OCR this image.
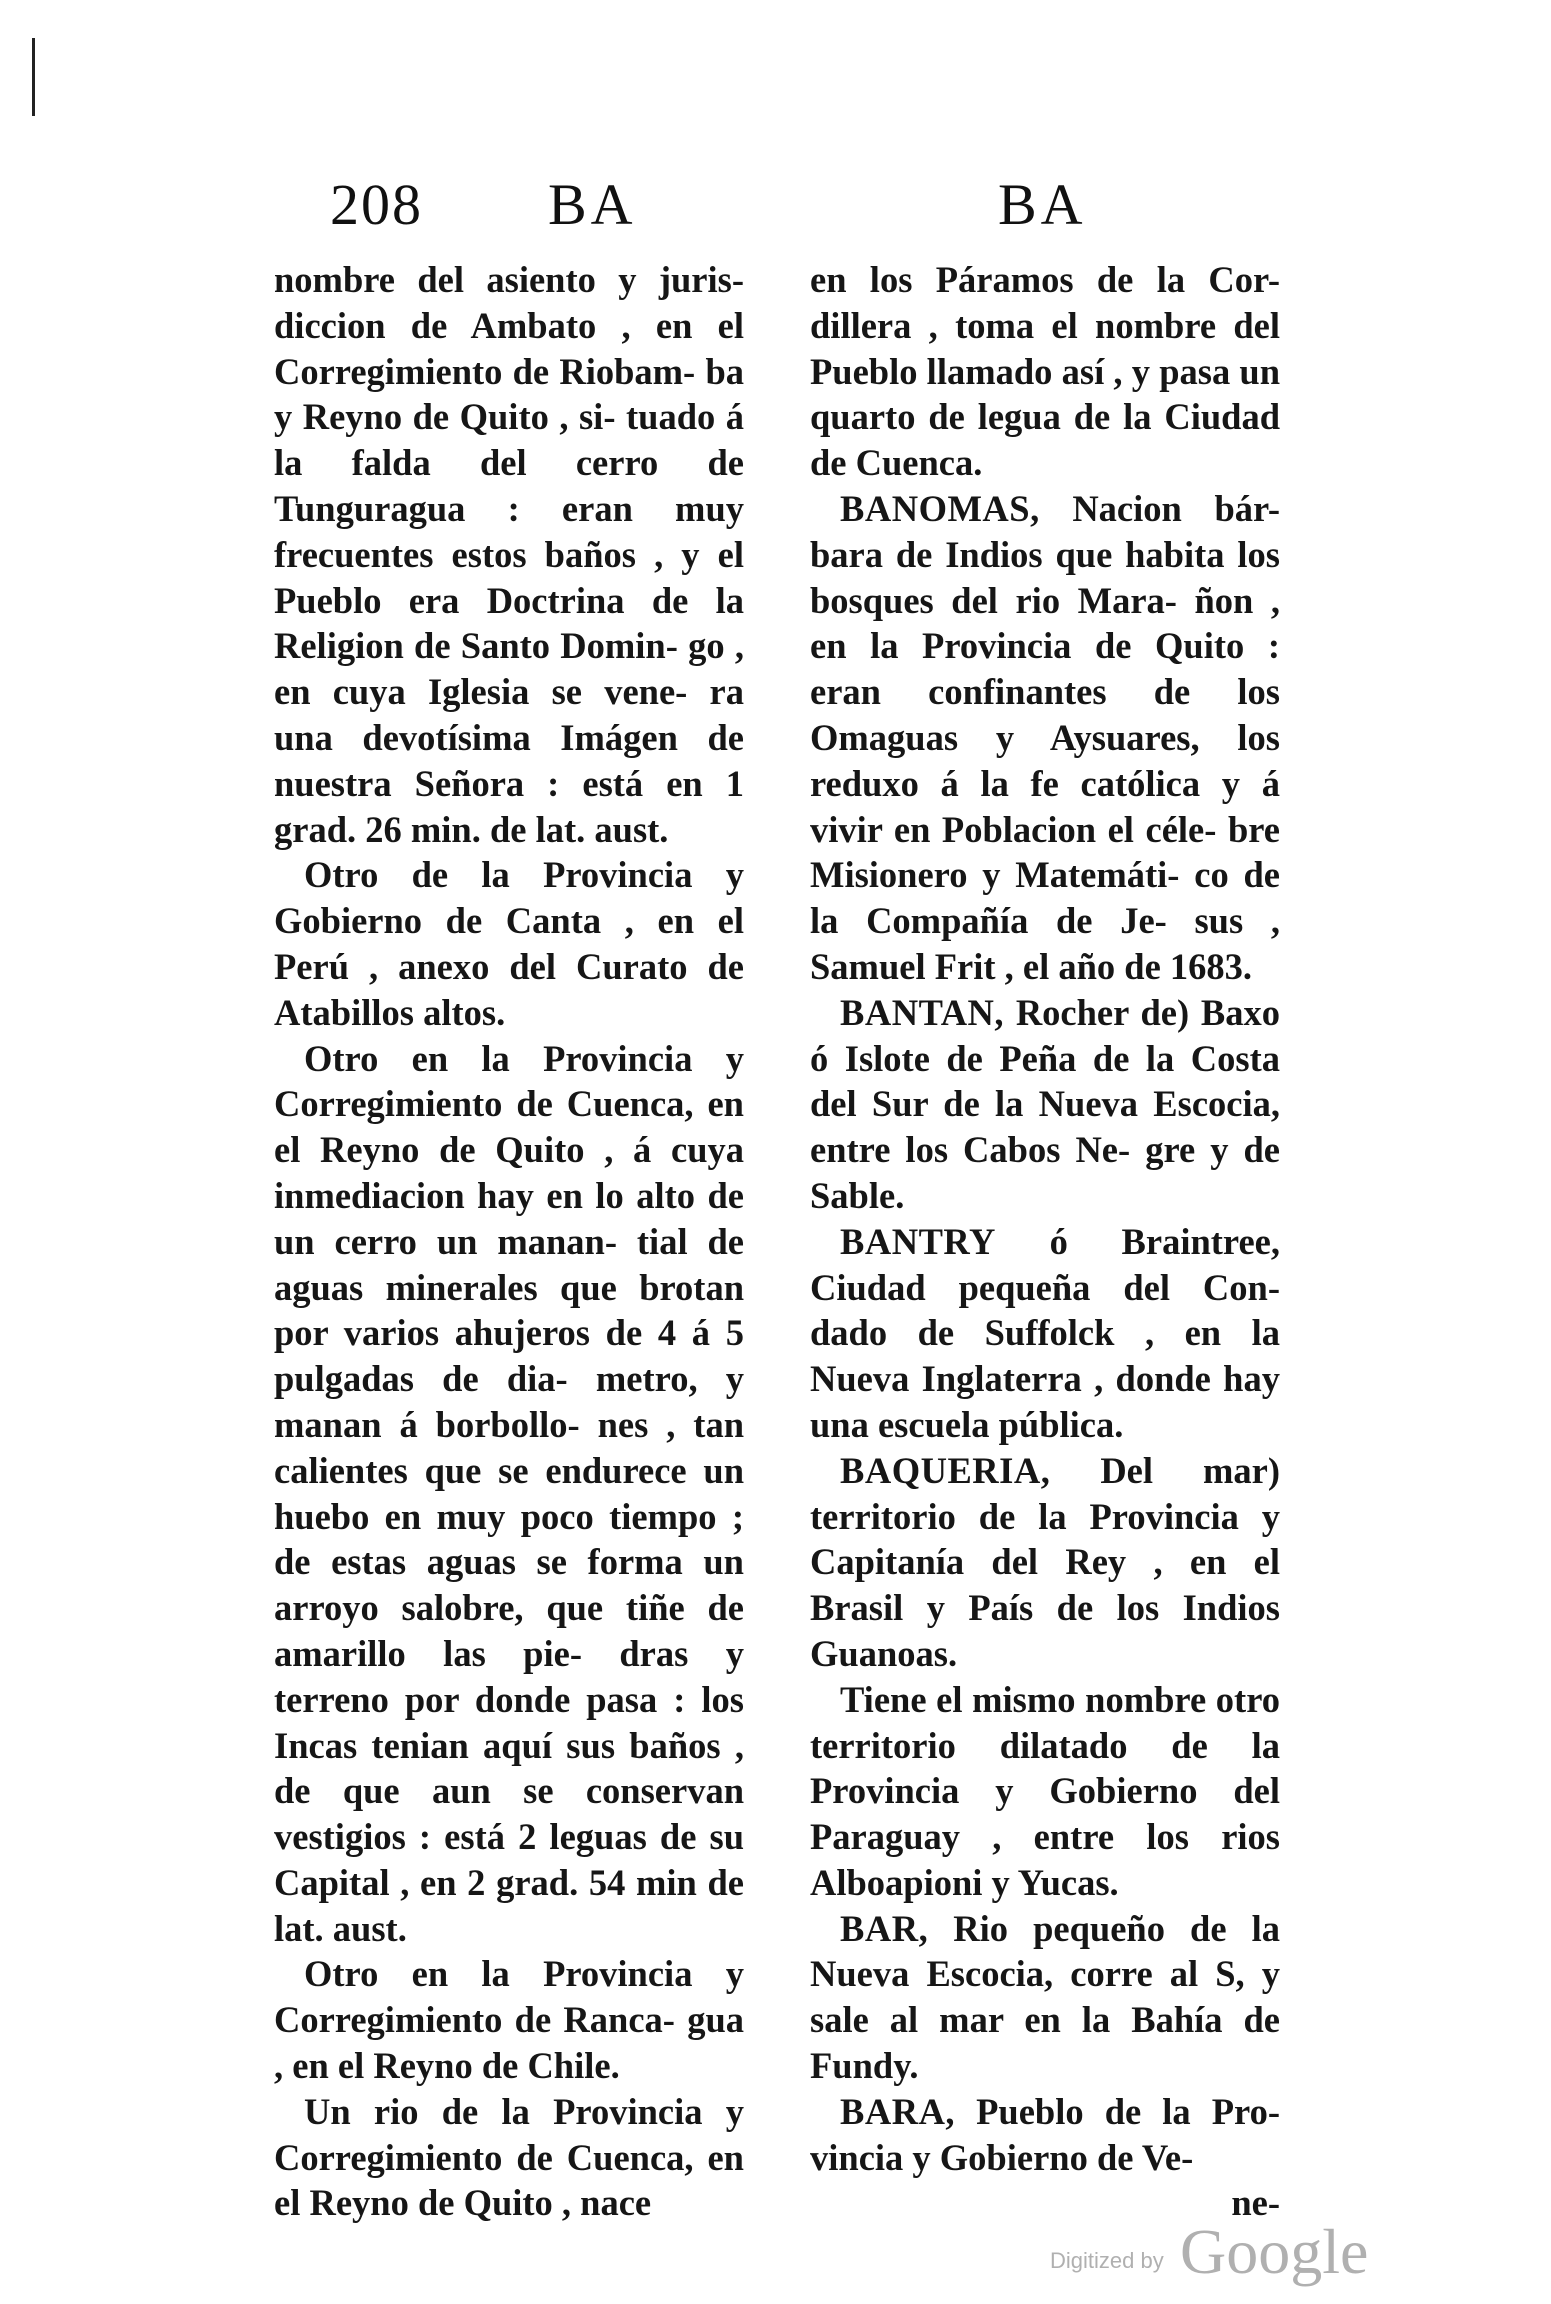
208 BA	BA

nombre del asiento y juris- diccion de Ambato , en el Corregimiento de Riobam- ba y Reyno de Quito , si- tuado á la falda del cerro de Tunguragua : eran muy frecuentes estos baños , y el Pueblo era Doctrina de la Religion de Santo Domin- go , en cuya Iglesia se vene- ra una devotísima Imágen de nuestra Señora : está en 1 grad. 26 min. de lat. aust.

Otro de la Provincia y Gobierno de Canta , en el Perú , anexo del Curato de Atabillos altos.

Otro en la Provincia y Corregimiento de Cuenca, en el Reyno de Quito , á cuya inmediacion hay en lo alto de un cerro un manan- tial de aguas minerales que brotan por varios ahujeros de 4 á 5 pulgadas de dia- metro, y manan á borbollo- nes , tan calientes que se endurece un huebo en muy poco tiempo ; de estas aguas se forma un arroyo salobre, que tiñe de amarillo las pie- dras y terreno por donde pasa : los Incas tenian aquí sus baños , de que aun se conservan vestigios : está 2 leguas de su Capital , en 2 grad. 54 min de lat. aust.

Otro en la Provincia y Corregimiento de Ranca- gua , en el Reyno de Chile.

Un rio de la Provincia y Corregimiento de Cuenca, en el Reyno de Quito , nace

en los Páramos de la Cor- dillera , toma el nombre del Pueblo llamado así , y pasa un quarto de legua de la Ciudad de Cuenca.

BANOMAS, Nacion bár- bara de Indios que habita los bosques del rio Mara- ñon , en la Provincia de Quito : eran confinantes de los Omaguas y Aysuares, los reduxo á la fe católica y á vivir en Poblacion el céle- bre Misionero y Matemáti- co de la Compañía de Je- sus , Samuel Frit , el año de 1683.

BANTAN, Rocher de) Baxo ó Islote de Peña de la Costa del Sur de la Nueva Escocia, entre los Cabos Ne- gre y de Sable.

BANTRY ó Braintree, Ciudad pequeña del Con- dado de Suffolck , en la Nueva Inglaterra , donde hay una escuela pública.

BAQUERIA, Del mar) territorio de la Provincia y Capitanía del Rey , en el Brasil y País de los Indios Guanoas.

Tiene el mismo nombre otro territorio dilatado de la Provincia y Gobierno del Paraguay , entre los rios Alboapioni y Yucas.

BAR, Rio pequeño de la Nueva Escocia, corre al S, y sale al mar en la Bahía de Fundy.

BARA, Pueblo de la Pro- vincia y Gobierno de Ve-

ne-

Digitized by Google
